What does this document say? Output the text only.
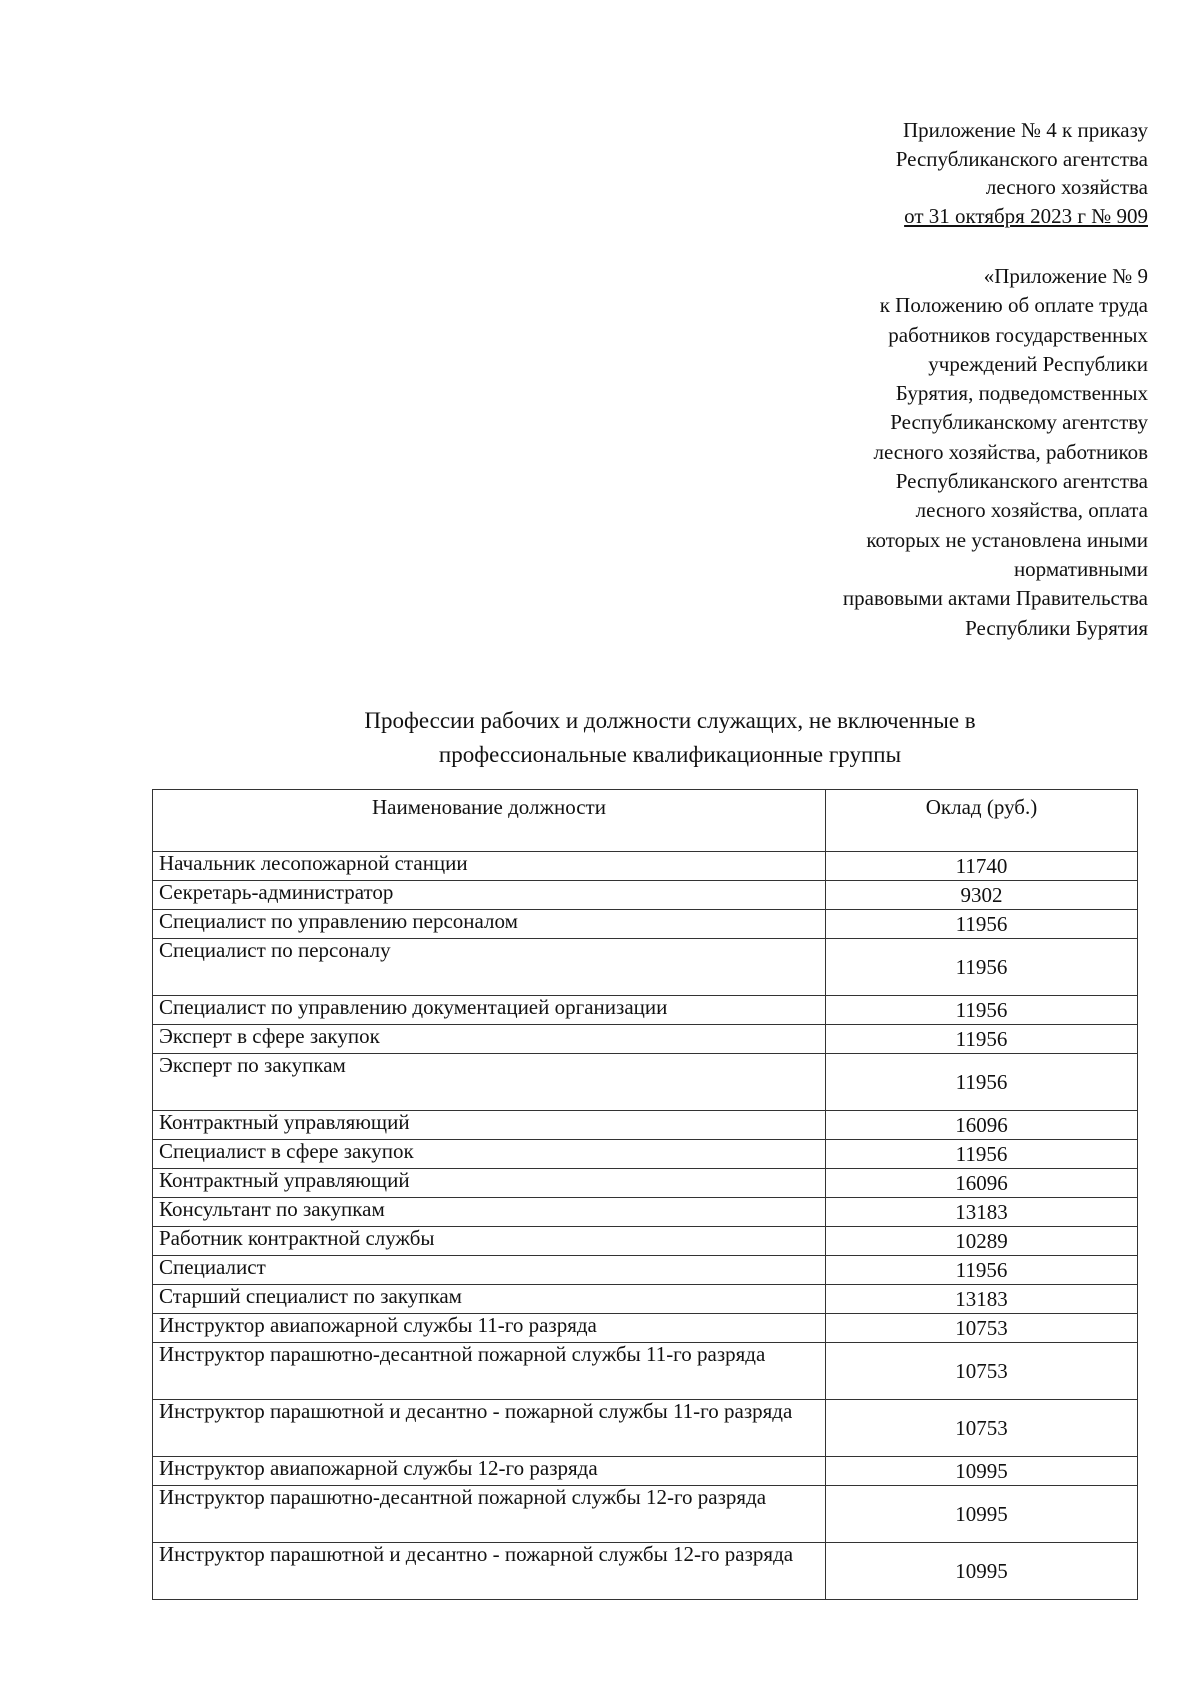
Приложение № 4 к приказу
Республиканского агентства
лесного хозяйства
от 31 октября 2023 г № 909
«Приложение № 9
к Положению об оплате труда
работников государственных
учреждений Республики
Бурятия, подведомственных
Республиканскому агентству
лесного хозяйства, работников
Республиканского агентства
лесного хозяйства, оплата
которых не установлена иными
нормативными
правовыми актами Правительства
Республики Бурятия
Профессии рабочих и должности служащих, не включенные в
профессиональные квалификационные группы
Наименование должности	Оклад (руб.)
Начальник лесопожарной станции	11740
Секретарь-администратор	9302
Специалист по управлению персоналом	11956
Специалист по персоналу	11956
Специалист по управлению документацией организации	11956
Эксперт в сфере закупок	11956
Эксперт по закупкам	11956
Контрактный управляющий	16096
Специалист в сфере закупок	11956
Контрактный управляющий	16096
Консультант по закупкам	13183
Работник контрактной службы	10289
Специалист	11956
Старший специалист по закупкам	13183
Инструктор авиапожарной службы 11-го разряда	10753
Инструктор парашютно-десантной пожарной службы 11-го разряда	10753
Инструктор парашютной и десантно - пожарной службы 11-го разряда	10753
Инструктор авиапожарной службы 12-го разряда	10995
Инструктор парашютно-десантной пожарной службы 12-го разряда	10995
Инструктор парашютной и десантно - пожарной службы 12-го разряда	10995
